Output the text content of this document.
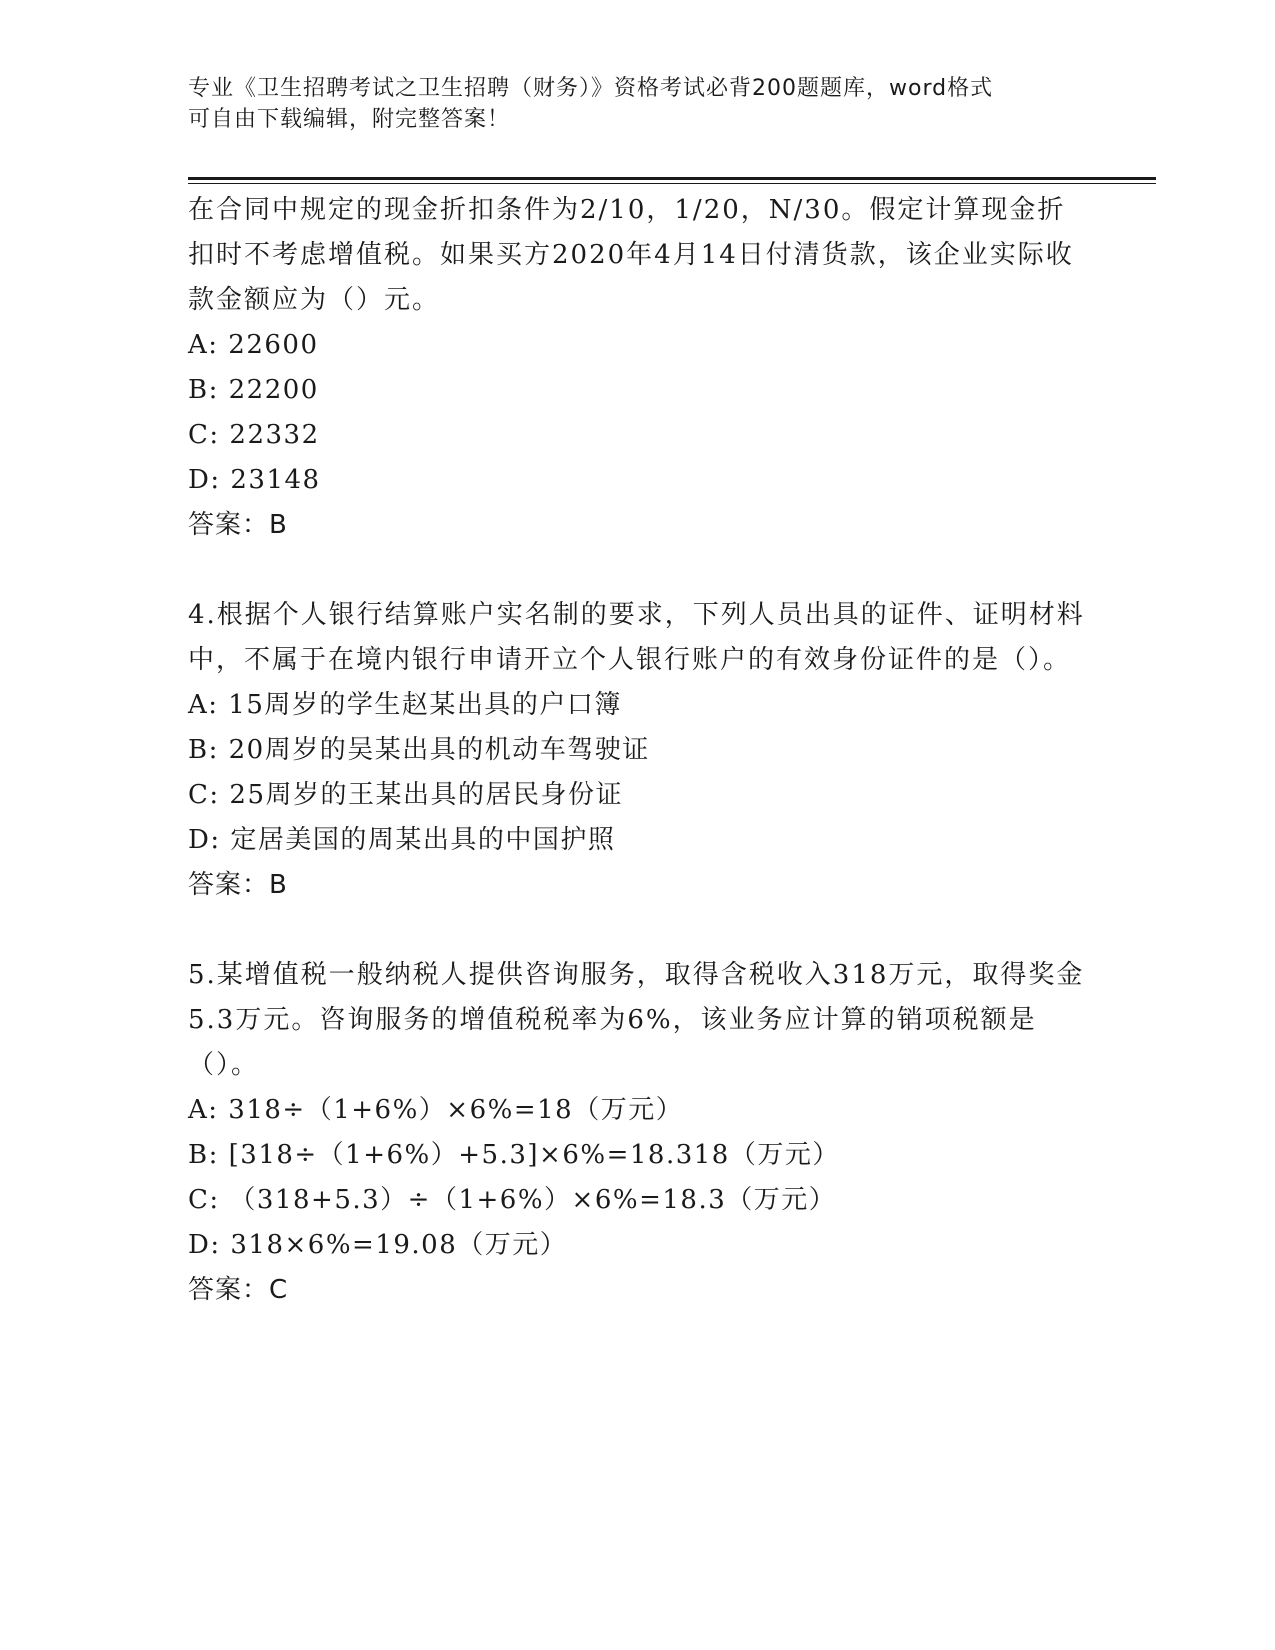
专业《卫生招聘考试之卫生招聘（财务）》资格考试必背200题题库，word格式
可自由下载编辑，附完整答案！

在合同中规定的现金折扣条件为2/10，1/20，N/30。假定计算现金折扣时不考虑增值税。如果买方2020年4月14日付清货款，该企业实际收款金额应为（）元。

A: 22600

B: 22200

C: 22332

D: 23148

答案：B

4.根据个人银行结算账户实名制的要求，下列人员出具的证件、证明材料中，不属于在境内银行申请开立个人银行账户的有效身份证件的是（）。

A: 15周岁的学生赵某出具的户口簿

B: 20周岁的吴某出具的机动车驾驶证

C: 25周岁的王某出具的居民身份证

D: 定居美国的周某出具的中国护照

答案：B

5.某增值税一般纳税人提供咨询服务，取得含税收入318万元，取得奖金5.3万元。咨询服务的增值税税率为6%，该业务应计算的销项税额是（）。

A: 318÷（1+6%）×6%=18（万元）

B: [318÷（1+6%）+5.3]×6%=18.318（万元）

C: （318+5.3）÷（1+6%）×6%=18.3（万元）

D: 318×6%=19.08（万元）

答案：C
